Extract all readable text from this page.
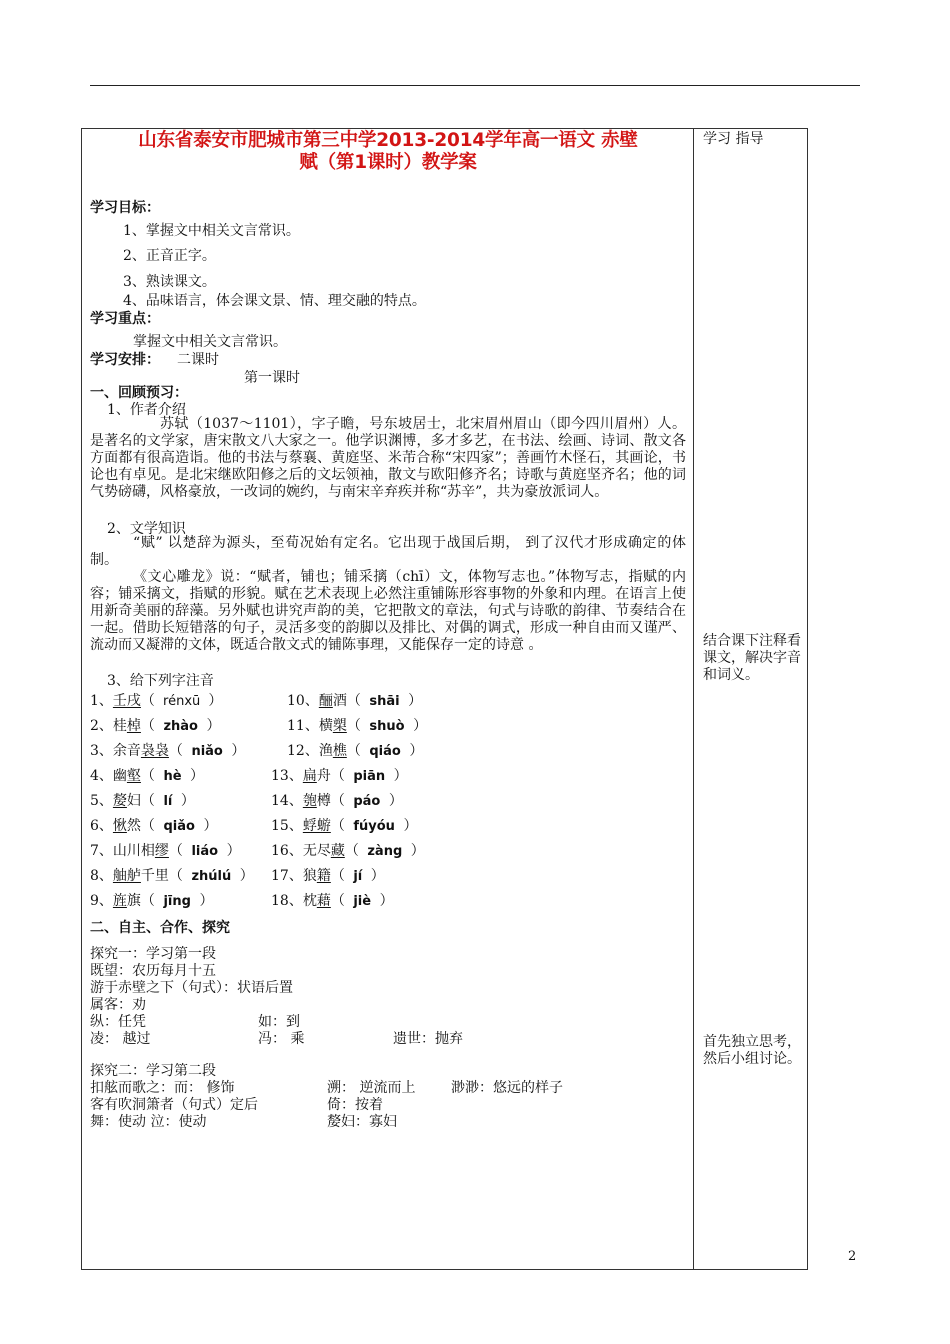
山东省泰安市肥城市第三中学2013-2014学年高一语文 赤壁
赋（第1课时）教学案
学习目标：
1、掌握文中相关文言常识。
2、正音正字。
3、熟读课文。
4、品味语言，体会课文景、情、理交融的特点。
学习重点：
掌握文中相关文言常识。
学习安排： 二课时
第一课时
一、回顾预习：
1、作者介绍
苏轼（1037～1101），字子瞻，号东坡居士，北宋眉州眉山（即今四川眉州）人。是著名的文学家，唐宋散文八大家之一。他学识渊博，多才多艺，在书法、绘画、诗词、散文各方面都有很高造诣。他的书法与蔡襄、黄庭坚、米芾合称“宋四家”；善画竹木怪石，其画论，书论也有卓见。是北宋继欧阳修之后的文坛领袖，散文与欧阳修齐名；诗歌与黄庭坚齐名；他的词气势磅礴，风格豪放，一改词的婉约，与南宋辛弃疾并称“苏辛”，共为豪放派词人。
2、文学知识
“赋” 以楚辞为源头，至荀况始有定名。它出现于战国后期， 到了汉代才形成确定的体制。
《文心雕龙》说：“赋者，铺也；铺采摛（chī）文，体物写志也。”体物写志，指赋的内容；铺采摛文，指赋的形貌。赋在艺术表现上必然注重铺陈形容事物的外象和内理。在语言上使用新奇美丽的辞藻。另外赋也讲究声韵的美，它把散文的章法，句式与诗歌的韵律、节奏结合在一起。借助长短错落的句子，灵活多变的韵脚以及排比、对偶的调式，形成一种自由而又谨严、流动而又凝滞的文体，既适合散文式的铺陈事理，又能保存一定的诗意 。
3、给下列字注音
1、壬戌（ rénxū ）	10、酾酒（ shāi ）
2、桂棹（ zhào ）	11、横槊（ shuò ）
3、余音袅袅（ niǎo ）	12、渔樵（ qiáo ）
4、幽壑（ hè ）	13、扁舟（ piān ）
5、嫠妇（ lí ）	14、匏樽（ páo ）
6、愀然（ qiǎo ）	15、蜉蝣（ fúyóu ）
7、山川相缪（ liáo ） 16、无尽藏（ zàng ）
8、舳舻千里（ zhúlú ） 17、狼籍（ jí ）
9、旌旗（ jīng ）	18、枕藉（ jiè ）
二、自主、合作、探究
探究一：学习第一段
既望：农历每月十五
游于赤壁之下（句式）：状语后置
属客：劝
纵：任凭	如：到
凌： 越过	冯： 乘	遗世：抛弃
探究二：学习第二段
扣舷而歌之：而： 修饰	溯： 逆流而上	渺渺：悠远的样子
客有吹洞箫者（句式）定后	倚：按着
舞：使动 泣：使动	嫠妇：寡妇
学习 指导
结合课下注释看课文，解决字音和词义。
首先独立思考，然后小组讨论。
2
